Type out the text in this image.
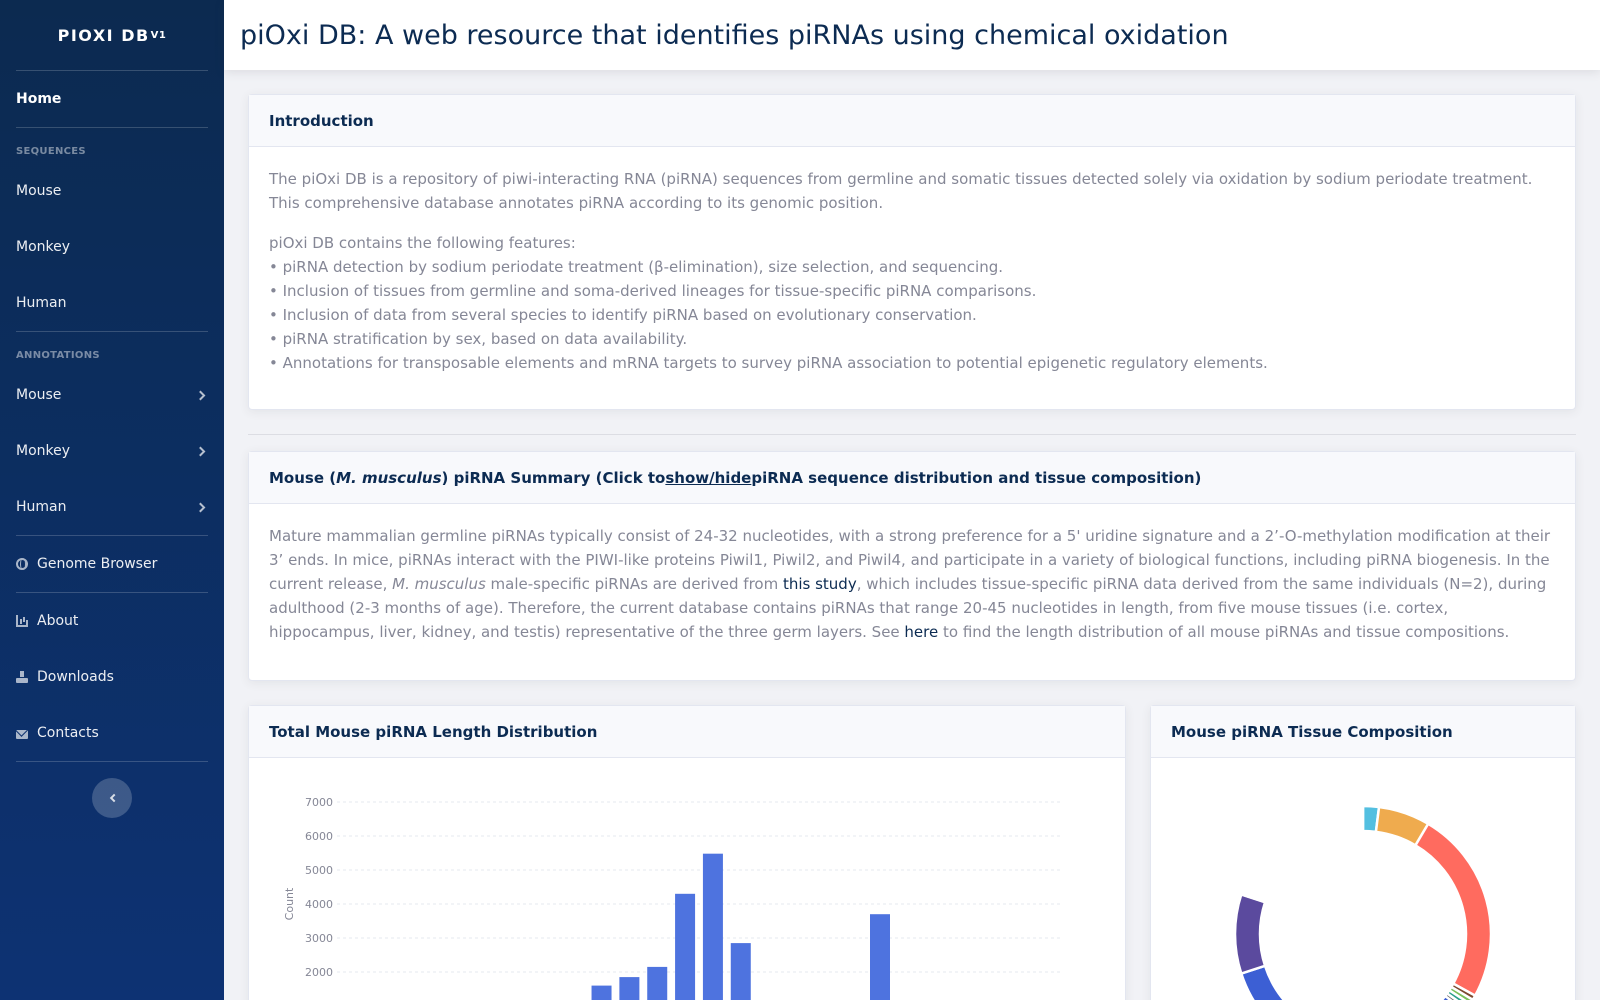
PIOXI DB V1
Home
SEQUENCES
Mouse
Monkey
Human
ANNOTATIONS
Mouse
Monkey
Human
Genome Browser
About
Downloads
Contacts
piOxi DB: A web resource that identifies piRNAs using chemical oxidation
Introduction

The piOxi DB is a repository of piwi-interacting RNA (piRNA) sequences from germline and somatic tissues detected solely via oxidation by sodium periodate treatment. This comprehensive database annotates piRNA according to its genomic position.

piOxi DB contains the following features:
• piRNA detection by sodium periodate treatment (β-elimination), size selection, and sequencing.
• Inclusion of tissues from germline and soma-derived lineages for tissue-specific piRNA comparisons.
• Inclusion of data from several species to identify piRNA based on evolutionary conservation.
• piRNA stratification by sex, based on data availability.
• Annotations for transposable elements and mRNA targets to survey piRNA association to potential epigenetic regulatory elements.

Mouse ( M. musculus ) piRNA Summary (Click to show/hide piRNA sequence distribution and tissue composition)

Mature mammalian germline piRNAs typically consist of 24-32 nucleotides, with a strong preference for a 5' uridine signature and a 2’-O-methylation modification at their 3’ ends. In mice, piRNAs interact with the PIWI-like proteins Piwil1, Piwil2, and Piwil4, and participate in a variety of biological functions, including piRNA biogenesis. In the current release, M. musculus male-specific piRNAs are derived from this study, which includes tissue-specific piRNA data derived from the same individuals (N=2), during adulthood (2-3 months of age). Therefore, the current database contains piRNAs that range 20-45 nucleotides in length, from five mouse tissues (i.e. cortex, hippocampus, liver, kidney, and testis) representative of the three germ layers. See here to find the length distribution of all mouse piRNAs and tissue compositions.

Total Mouse piRNA Length Distribution
2000
3000
4000
5000
6000
7000
Count
Mouse piRNA Tissue Composition
